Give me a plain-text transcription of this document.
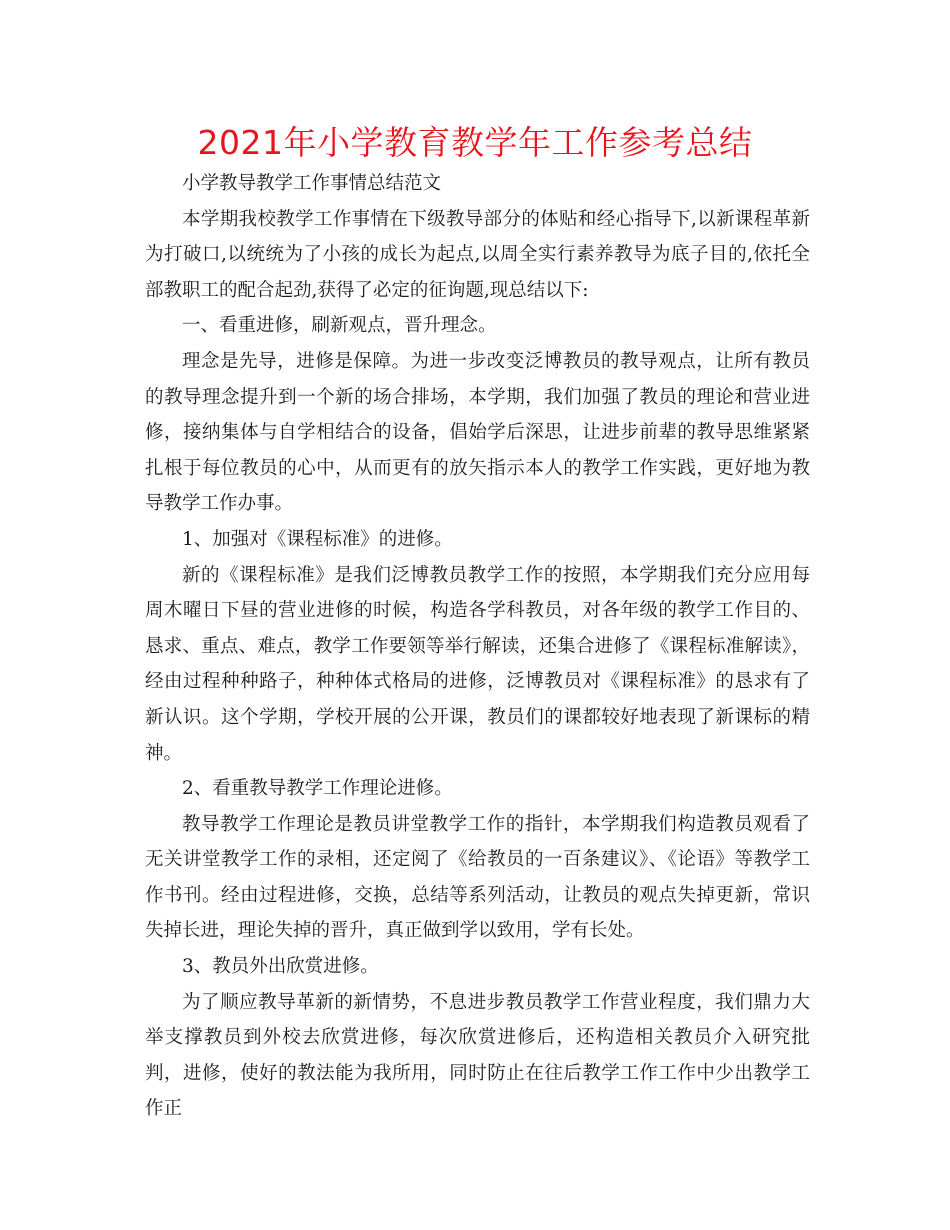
2021年小学教育教学年工作参考总结

小学教导教学工作事情总结范文

本学期我校教学工作事情在下级教导部分的体贴和经心指导下,以新课程革新为打破口,以统统为了小孩的成长为起点,以周全实行素养教导为底子目的,依托全部教职工的配合起劲,获得了必定的征询题,现总结以下:

一、看重进修，刷新观点，晋升理念。

理念是先导，进修是保障。为进一步改变泛博教员的教导观点，让所有教员的教导理念提升到一个新的场合排场，本学期，我们加强了教员的理论和营业进修，接纳集体与自学相结合的设备，倡始学后深思，让进步前辈的教导思维紧紧扎根于每位教员的心中，从而更有的放矢指示本人的教学工作实践，更好地为教导教学工作办事。

1、加强对《课程标准》的进修。

新的《课程标准》是我们泛博教员教学工作的按照，本学期我们充分应用每周木曜日下昼的营业进修的时候，构造各学科教员，对各年级的教学工作目的、恳求、重点、难点，教学工作要领等举行解读，还集合进修了《课程标准解读》，经由过程种种路子，种种体式格局的进修，泛博教员对《课程标准》的恳求有了新认识。这个学期，学校开展的公开课，教员们的课都较好地表现了新课标的精神。

2、看重教导教学工作理论进修。

教导教学工作理论是教员讲堂教学工作的指针，本学期我们构造教员观看了无关讲堂教学工作的录相，还定阅了《给教员的一百条建议》、《论语》等教学工作书刊。经由过程进修，交换，总结等系列活动，让教员的观点失掉更新，常识失掉长进，理论失掉的晋升，真正做到学以致用，学有长处。

3、教员外出欣赏进修。

为了顺应教导革新的新情势，不息进步教员教学工作营业程度，我们鼎力大举支撑教员到外校去欣赏进修，每次欣赏进修后，还构造相关教员介入研究批判，进修，使好的教法能为我所用，同时防止在往后教学工作工作中少出教学工作正
